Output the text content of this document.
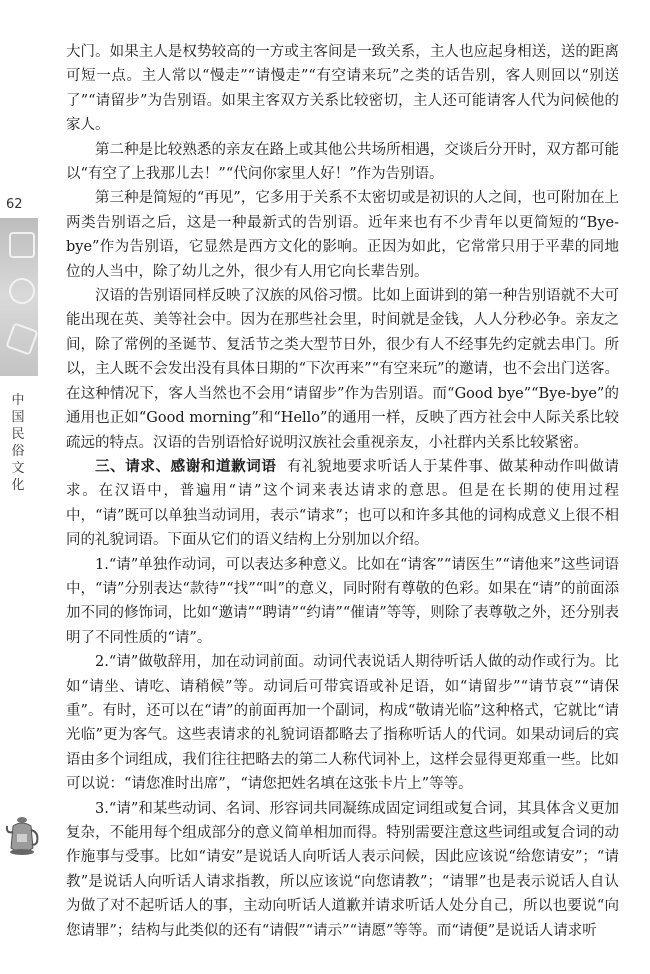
62
中国民俗文化

大门。如果主人是权势较高的一方或主客间是一致关系，主人也应起身相送，送的距离可短一点。主人常以“慢走”“请慢走”“有空请来玩”之类的话告别，客人则回以“别送了”“请留步”为告别语。如果主客双方关系比较密切，主人还可能请客人代为问候他的家人。

第二种是比较熟悉的亲友在路上或其他公共场所相遇，交谈后分开时，双方都可能以“有空了上我那儿去！”“代问你家里人好！”作为告别语。

第三种是简短的“再见”，它多用于关系不太密切或是初识的人之间，也可附加在上两类告别语之后，这是一种最新式的告别语。近年来也有不少青年以更简短的“Bye-bye”作为告别语，它显然是西方文化的影响。正因为如此，它常常只用于平辈的同地位的人当中，除了幼儿之外，很少有人用它向长辈告别。

汉语的告别语同样反映了汉族的风俗习惯。比如上面讲到的第一种告别语就不大可能出现在英、美等社会中。因为在那些社会里，时间就是金钱，人人分秒必争。亲友之间，除了常例的圣诞节、复活节之类大型节日外，很少有人不经事先约定就去串门。所以，主人既不会发出没有具体日期的“下次再来”“有空来玩”的邀请，也不会出门送客。在这种情况下，客人当然也不会用“请留步”作为告别语。而“Good bye”“Bye-bye”的通用也正如“Good morning”和“Hello”的通用一样，反映了西方社会中人际关系比较疏远的特点。汉语的告别语恰好说明汉族社会重视亲友，小社群内关系比较紧密。

三、请求、感谢和道歉词语 有礼貌地要求听话人于某件事、做某种动作叫做请求。在汉语中，普遍用“请”这个词来表达请求的意思。但是在长期的使用过程中，“请”既可以单独当动词用，表示“请求”；也可以和许多其他的词构成意义上很不相同的礼貌词语。下面从它们的语义结构上分别加以介绍。

1.“请”单独作动词，可以表达多种意义。比如在“请客”“请医生”“请他来”这些词语中，“请”分别表达“款待”“找”“叫”的意义，同时附有尊敬的色彩。如果在“请”的前面添加不同的修饰词，比如“邀请”“聘请”“约请”“催请”等等，则除了表尊敬之外，还分别表明了不同性质的“请”。

2.“请”做敬辞用，加在动词前面。动词代表说话人期待听话人做的动作或行为。比如“请坐、请吃、请稍候”等。动词后可带宾语或补足语，如“请留步”“请节哀”“请保重”。有时，还可以在“请”的前面再加一个副词，构成“敬请光临”这种格式，它就比“请光临”更为客气。这些表请求的礼貌词语都略去了指称听话人的代词。如果动词后的宾语由多个词组成，我们往往把略去的第二人称代词补上，这样会显得更郑重一些。比如可以说：“请您准时出席”，“请您把姓名填在这张卡片上”等等。

3.“请”和某些动词、名词、形容词共同凝练成固定词组或复合词，其具体含义更加复杂，不能用每个组成部分的意义简单相加而得。特别需要注意这些词组或复合词的动作施事与受事。比如“请安”是说话人向听话人表示问候，因此应该说“给您请安”；“请教”是说话人向听话人请求指教，所以应该说“向您请教”；“请罪”也是表示说话人自认为做了对不起听话人的事，主动向听话人道歉并请求听话人处分自己，所以也要说“向您请罪”；结构与此类似的还有“请假”“请示”“请愿”等等。而“请便”是说话人请求听
